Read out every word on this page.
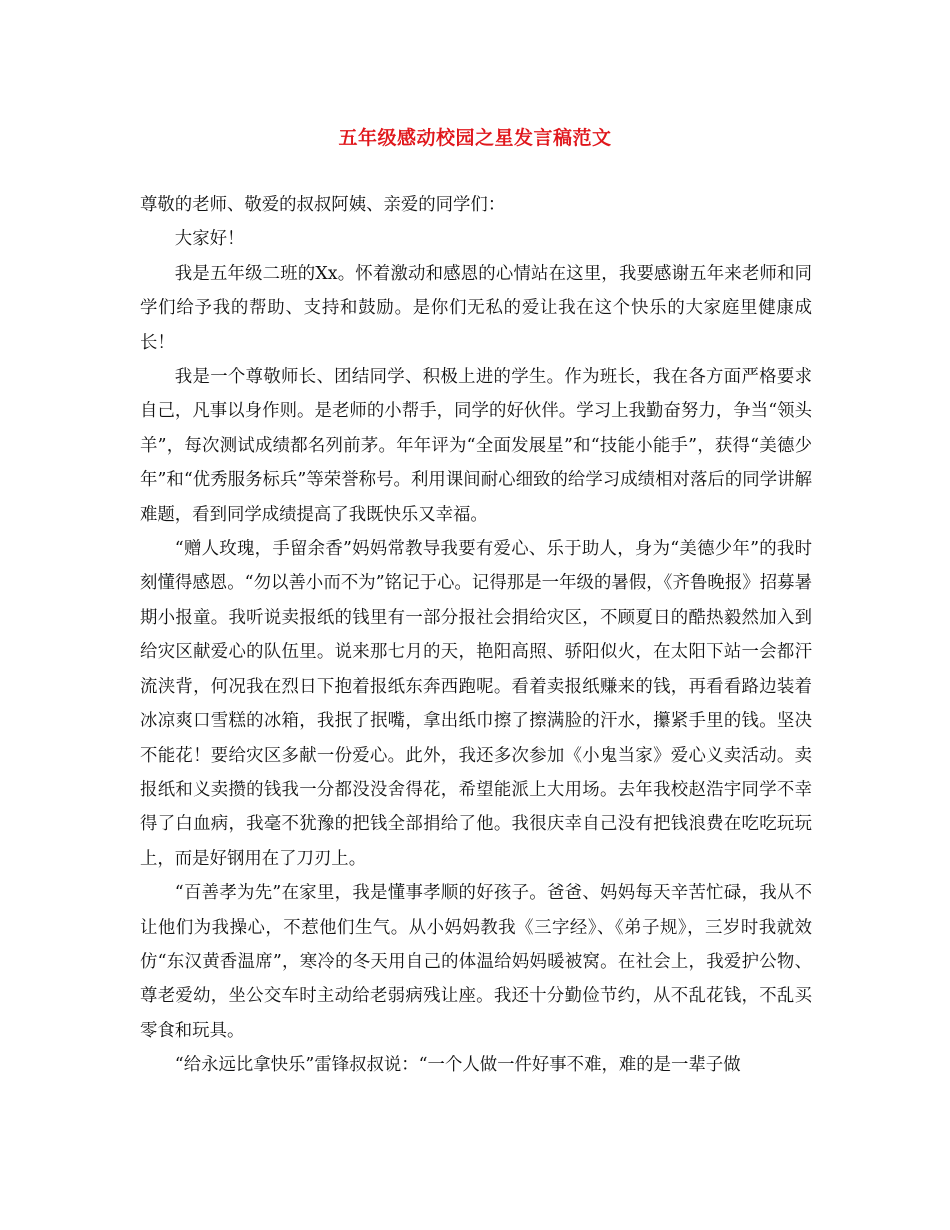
五年级感动校园之星发言稿范文

尊敬的老师、敬爱的叔叔阿姨、亲爱的同学们：

大家好！

我是五年级二班的Xx。怀着激动和感恩的心情站在这里，我要感谢五年来老师和同学们给予我的帮助、支持和鼓励。是你们无私的爱让我在这个快乐的大家庭里健康成长！

我是一个尊敬师长、团结同学、积极上进的学生。作为班长，我在各方面严格要求自己，凡事以身作则。是老师的小帮手，同学的好伙伴。学习上我勤奋努力，争当“领头羊”，每次测试成绩都名列前茅。年年评为“全面发展星”和“技能小能手”，获得“美德少年”和“优秀服务标兵”等荣誉称号。利用课间耐心细致的给学习成绩相对落后的同学讲解难题，看到同学成绩提高了我既快乐又幸福。

“赠人玫瑰，手留余香”妈妈常教导我要有爱心、乐于助人，身为“美德少年”的我时刻懂得感恩。“勿以善小而不为”铭记于心。记得那是一年级的暑假，《齐鲁晚报》招募暑期小报童。我听说卖报纸的钱里有一部分报社会捐给灾区，不顾夏日的酷热毅然加入到给灾区献爱心的队伍里。说来那七月的天，艳阳高照、骄阳似火，在太阳下站一会都汗流浃背，何况我在烈日下抱着报纸东奔西跑呢。看着卖报纸赚来的钱，再看看路边装着冰凉爽口雪糕的冰箱，我抿了抿嘴，拿出纸巾擦了擦满脸的汗水，攥紧手里的钱。坚决不能花！要给灾区多献一份爱心。此外，我还多次参加《小鬼当家》爱心义卖活动。卖报纸和义卖攒的钱我一分都没没舍得花，希望能派上大用场。去年我校赵浩宇同学不幸得了白血病，我毫不犹豫的把钱全部捐给了他。我很庆幸自己没有把钱浪费在吃吃玩玩上，而是好钢用在了刀刃上。

“百善孝为先”在家里，我是懂事孝顺的好孩子。爸爸、妈妈每天辛苦忙碌，我从不让他们为我操心，不惹他们生气。从小妈妈教我《三字经》、《弟子规》，三岁时我就效仿“东汉黄香温席”，寒冷的冬天用自己的体温给妈妈暖被窝。在社会上，我爱护公物、尊老爱幼，坐公交车时主动给老弱病残让座。我还十分勤俭节约，从不乱花钱，不乱买零食和玩具。

“给永远比拿快乐”雷锋叔叔说：“一个人做一件好事不难，难的是一辈子做
